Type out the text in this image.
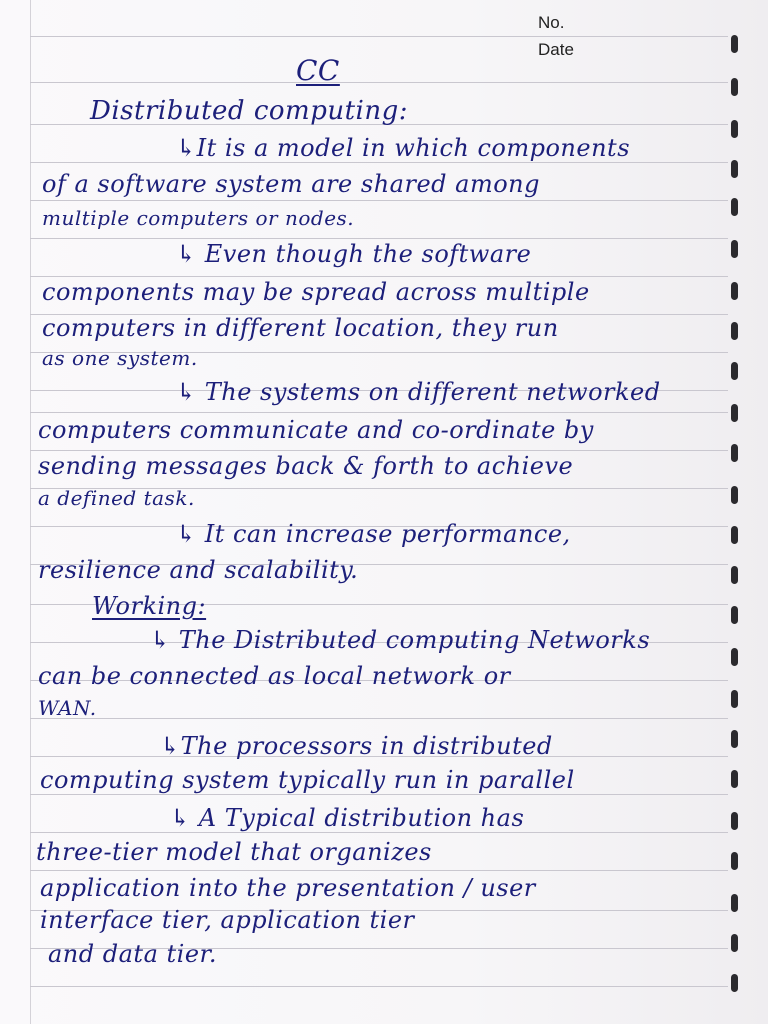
No.
Date
CC
Distributed computing:
↳It is a model in which components
of a software system are shared among
multiple computers or nodes.
↳ Even though the software
components may be spread across multiple
computers in different location, they run
as one system.
↳ The systems on different networked
computers communicate and co-ordinate by
sending messages back & forth to achieve
a defined task.
↳ It can increase performance,
resilience and scalability.
Working:
↳ The Distributed computing Networks
can be connected as local network or
WAN.
↳The processors in distributed
computing system typically run in parallel
↳ A Typical distribution has
three-tier model that organizes
application into the presentation / user
interface tier, application tier
and data tier.
